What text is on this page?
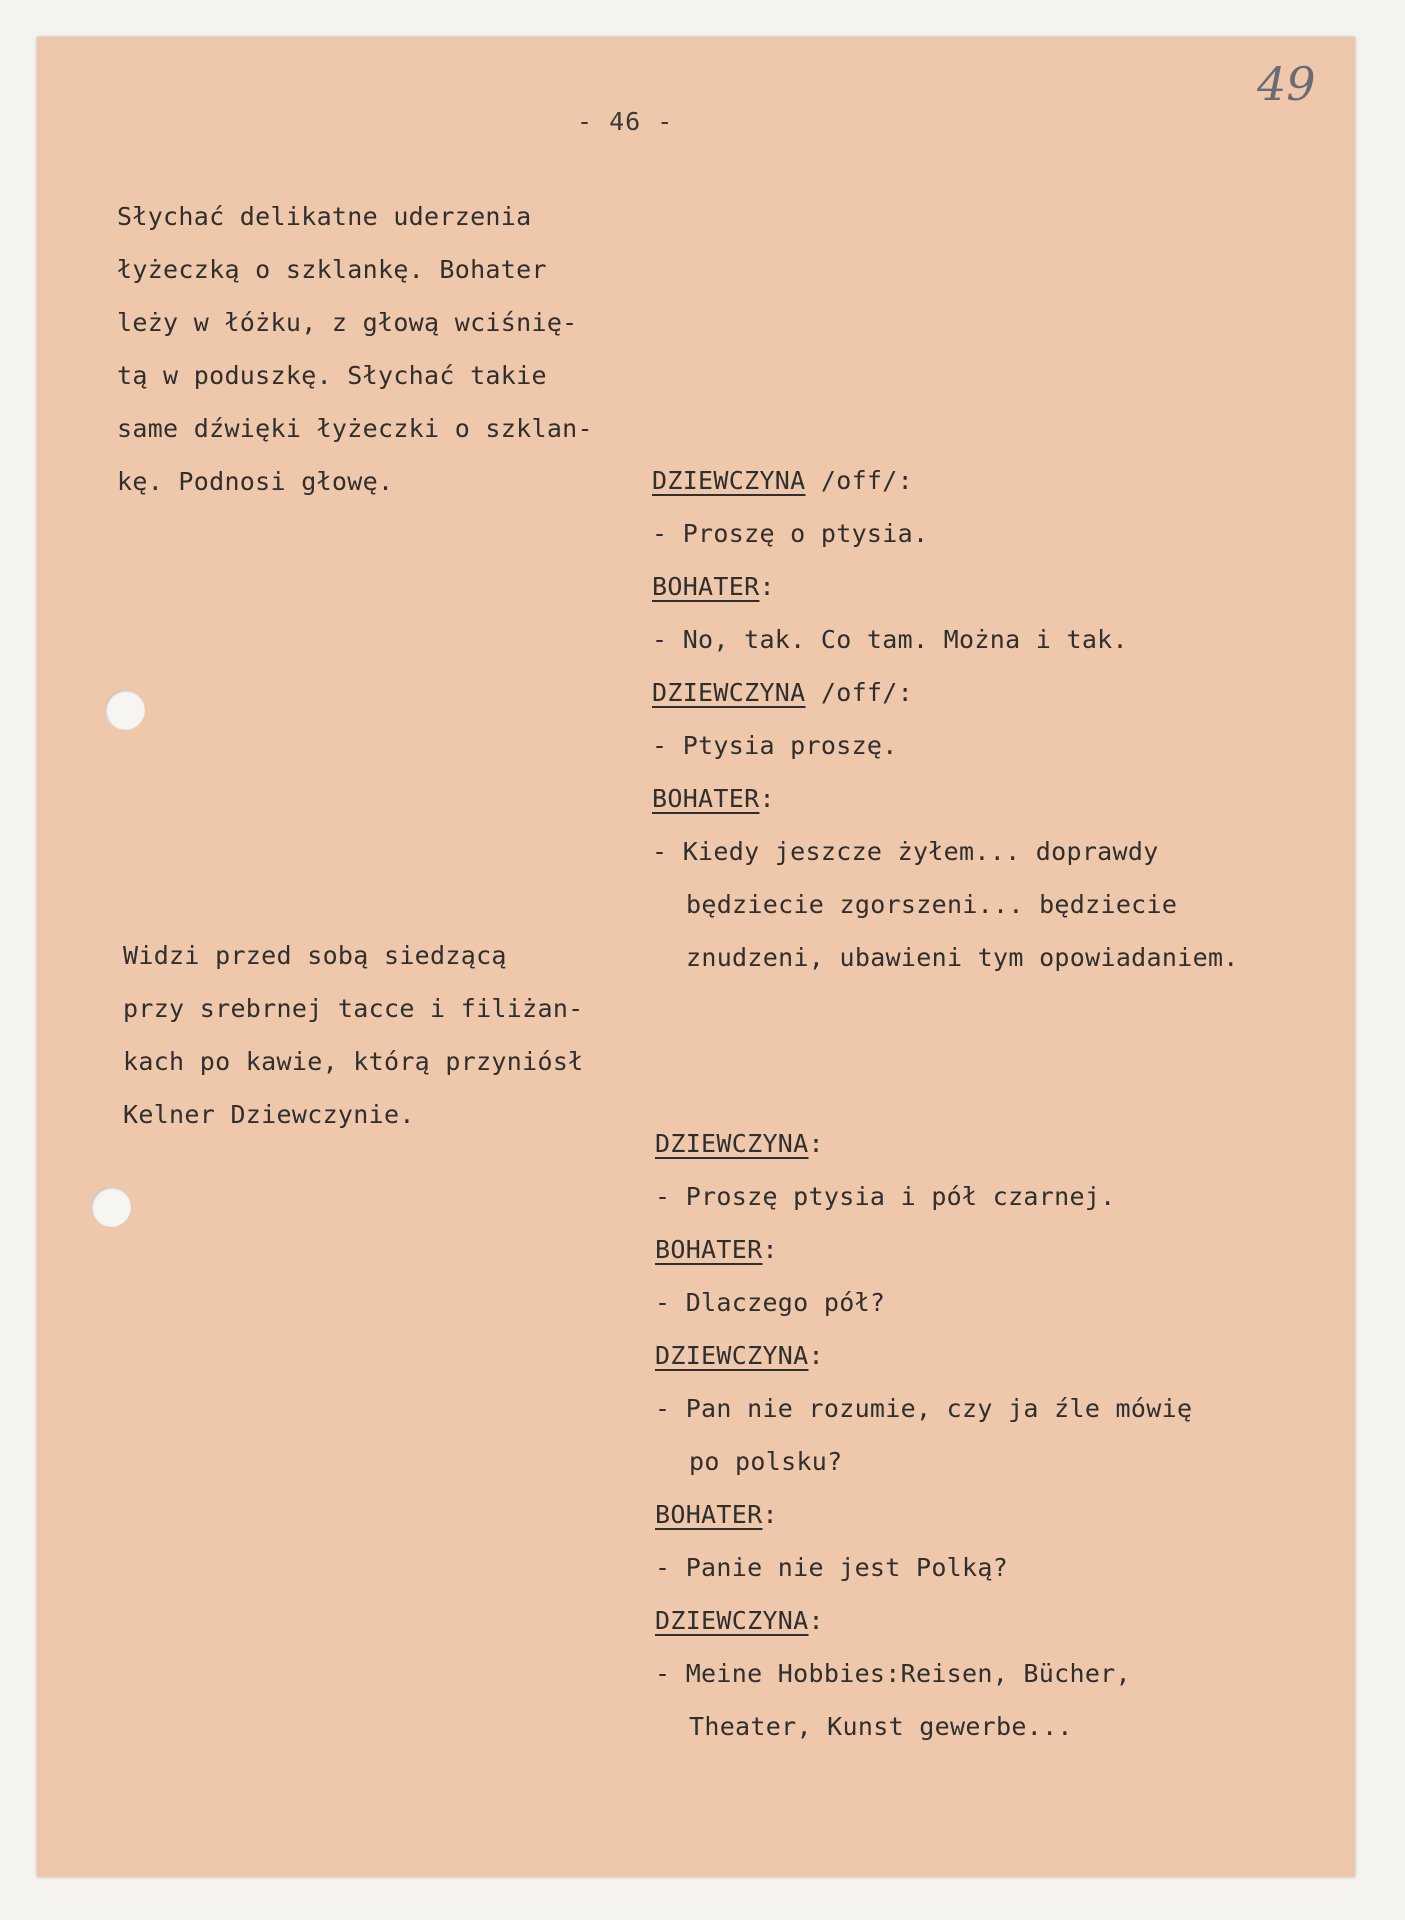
- 46 -
49
Słychać delikatne uderzenia
łyżeczką o szklankę. Bohater
leży w łóżku, z głową wciśnię-
tą w poduszkę. Słychać takie
same dźwięki łyżeczki o szklan-
kę. Podnosi głowę.
Widzi przed sobą siedzącą
przy srebrnej tacce i filiżan-
kach po kawie, którą przyniósł
Kelner Dziewczynie.
DZIEWCZYNA /off/:
- Proszę o ptysia.
BOHATER:
- No, tak. Co tam. Można i tak.
DZIEWCZYNA /off/:
- Ptysia proszę.
BOHATER:
- Kiedy jeszcze żyłem... doprawdy
będziecie zgorszeni... będziecie
znudzeni, ubawieni tym opowiadaniem.
DZIEWCZYNA:
- Proszę ptysia i pół czarnej.
BOHATER:
- Dlaczego pół?
DZIEWCZYNA:
- Pan nie rozumie, czy ja źle mówię
po polsku?
BOHATER:
- Panie nie jest Polką?
DZIEWCZYNA:
- Meine Hobbies:Reisen, Bücher,
Theater, Kunst gewerbe...
